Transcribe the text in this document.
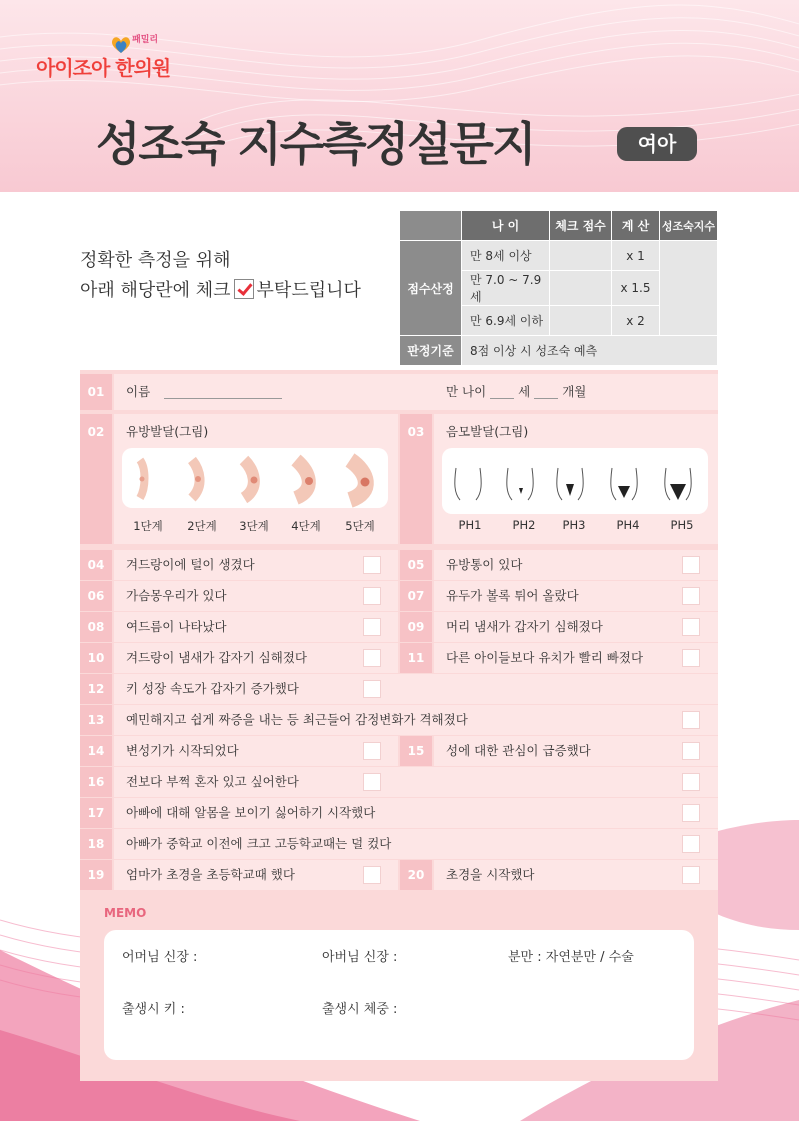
패밀리
아이조아 한의원
성조숙 지수측정설문지	여아
정확한 측정을 위해
아래 해당란에 체크 부탁드립니다
	나 이	체크 점수	계 산	성조숙지수
점수산정	만 8세 이상		x 1	
	만 7.0 ~ 7.9세		x 1.5	
	만 6.9세 이하		x 2	
판정기준	8점 이상 시 성조숙 예측			
01	이름	만 나이	세	개월
02	유방발달(그림)	03	음모발달(그림)
1단계	2단계	3단계	4단계	5단계	PH1	PH2	PH3	PH4	PH5
04	겨드랑이에 털이 생겼다	05	유방통이 있다
06	가슴몽우리가 있다	07	유두가 볼록 튀어 올랐다
08	여드름이 나타났다	09	머리 냄새가 갑자기 심해졌다
10	겨드랑이 냄새가 갑자기 심해졌다	11	다른 아이들보다 유치가 빨리 빠졌다
12	키 성장 속도가 갑자기 증가했다
13	예민해지고 쉽게 짜증을 내는 등 최근들어 감정변화가 격해졌다
14	변성기가 시작되었다	15	성에 대한 관심이 급증했다
16	전보다 부쩍 혼자 있고 싶어한다
17	아빠에 대해 알몸을 보이기 싫어하기 시작했다
18	아빠가 중학교 이전에 크고 고등학교때는 덜 컸다
19	엄마가 초경을 초등학교때 했다	20	초경을 시작했다
MEMO
어머님 신장 :	아버님 신장 :	분만 : 자연분만 / 수술
출생시 키 :	출생시 체중 :
